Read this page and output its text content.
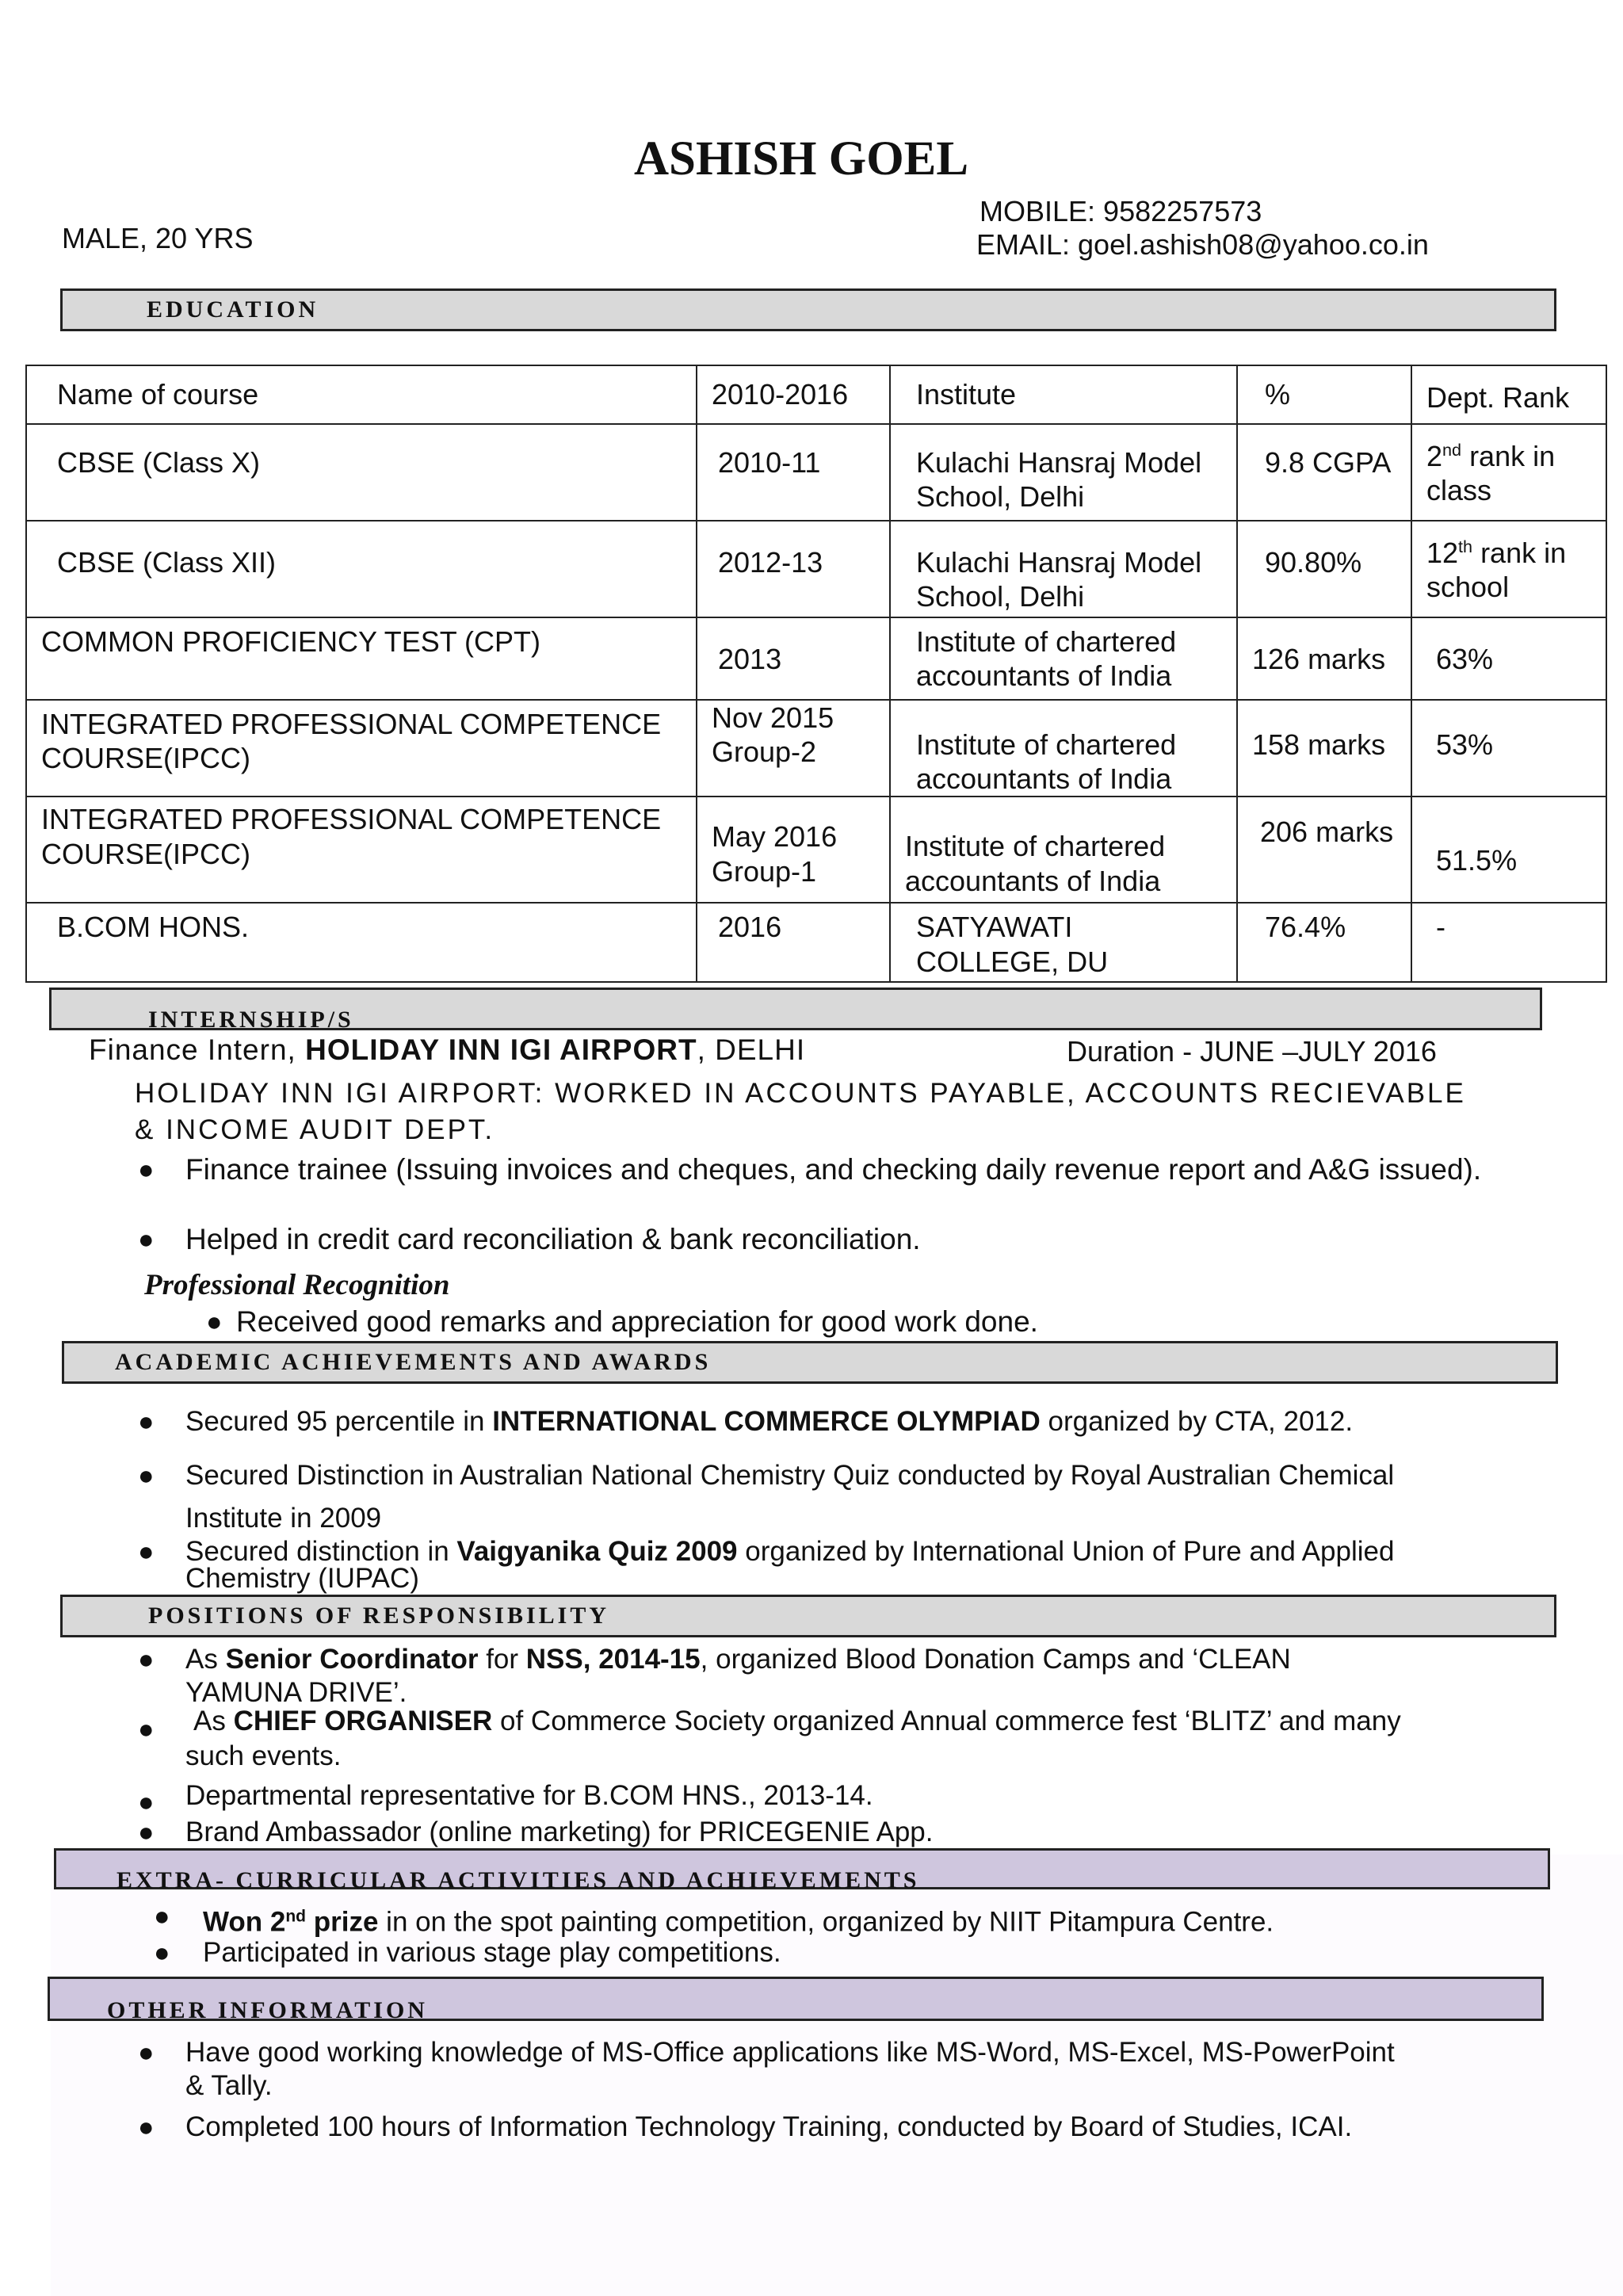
ASHISH GOEL
MALE, 20 YRS
MOBILE: 9582257573
EMAIL: goel.ashish08@yahoo.co.in
EDUCATION
Name of course	2010-2016	Institute	%	Dept. Rank
CBSE (Class X)	2010-11	Kulachi Hansraj Model School, Delhi	9.8 CGPA	2nd rank in class
CBSE (Class XII)	2012-13	Kulachi Hansraj Model School, Delhi	90.80%	12th rank in school
COMMON PROFICIENCY TEST (CPT)	2013	Institute of chartered accountants of India	126 marks	63%
INTEGRATED PROFESSIONAL COMPETENCE COURSE(IPCC)	Nov 2015 Group-2	Institute of chartered accountants of India	158 marks	53%
INTEGRATED PROFESSIONAL COMPETENCE COURSE(IPCC)	May 2016 Group-1	Institute of chartered accountants of India	206 marks	51.5%
B.COM HONS.	2016	SATYAWATI COLLEGE, DU	76.4%	-
INTERNSHIP/S
Finance Intern, HOLIDAY INN IGI AIRPORT, DELHI	Duration - JUNE –JULY 2016
HOLIDAY INN IGI AIRPORT: WORKED IN ACCOUNTS PAYABLE, ACCOUNTS RECIEVABLE
& INCOME AUDIT DEPT.
● Finance trainee (Issuing invoices and cheques, and checking daily revenue report and A&G issued).
● Helped in credit card reconciliation & bank reconciliation.
Professional Recognition
● Received good remarks and appreciation for good work done.
ACADEMIC ACHIEVEMENTS AND AWARDS
● Secured 95 percentile in INTERNATIONAL COMMERCE OLYMPIAD organized by CTA, 2012.
● Secured Distinction in Australian National Chemistry Quiz conducted by Royal Australian Chemical
Institute in 2009
● Secured distinction in Vaigyanika Quiz 2009 organized by International Union of Pure and Applied
Chemistry (IUPAC)
POSITIONS OF RESPONSIBILITY
● As Senior Coordinator for NSS, 2014-15, organized Blood Donation Camps and ‘CLEAN
YAMUNA DRIVE’.
● As CHIEF ORGANISER of Commerce Society organized Annual commerce fest ‘BLITZ’ and many
such events.
● Departmental representative for B.COM HNS., 2013-14.
● Brand Ambassador (online marketing) for PRICEGENIE App.
EXTRA- CURRICULAR ACTIVITIES AND ACHIEVEMENTS
● Won 2nd prize in on the spot painting competition, organized by NIIT Pitampura Centre.
● Participated in various stage play competitions.
OTHER INFORMATION
● Have good working knowledge of MS-Office applications like MS-Word, MS-Excel, MS-PowerPoint
& Tally.
● Completed 100 hours of Information Technology Training, conducted by Board of Studies, ICAI.
